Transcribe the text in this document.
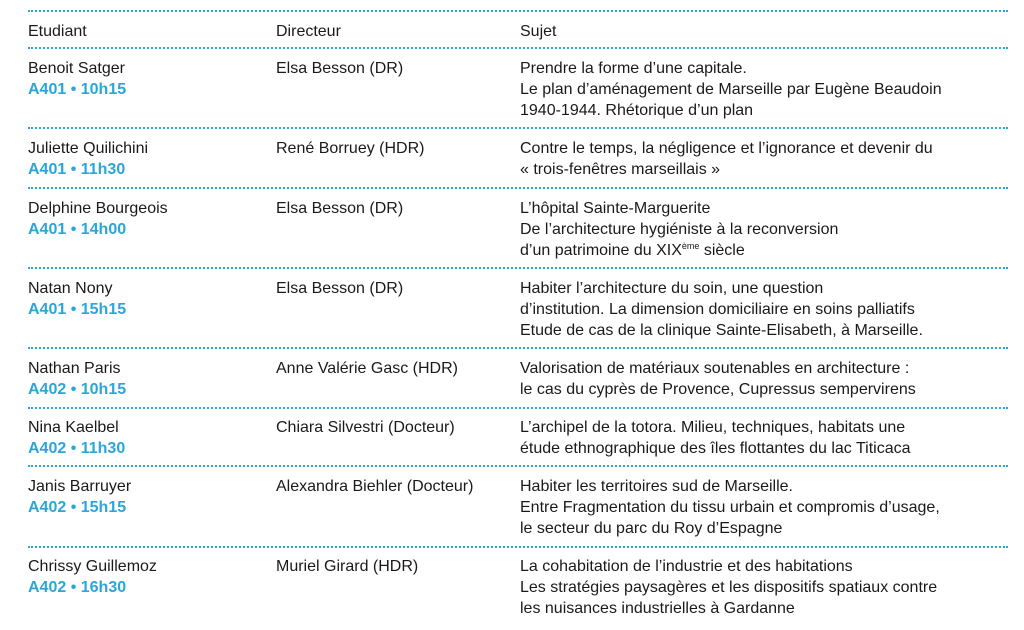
Etudiant	Directeur	Sujet
Benoit Satger
A401 • 10h15
Elsa Besson (DR)	Prendre la forme d’une capitale.
Le plan d’aménagement de Marseille par Eugène Beaudoin
1940-1944. Rhétorique d’un plan
Juliette Quilichini
A401 • 11h30
René Borruey (HDR)	Contre le temps, la négligence et l’ignorance et devenir du
« trois-fenêtres marseillais »
Delphine Bourgeois
A401 • 14h00
Elsa Besson (DR)	L’hôpital Sainte-Marguerite
De l’architecture hygiéniste à la reconversion
d’un patrimoine du XIXème siècle
Natan Nony
A401 • 15h15
Elsa Besson (DR)	Habiter l’architecture du soin, une question
d’institution. La dimension domiciliaire en soins palliatifs
Etude de cas de la clinique Sainte-Elisabeth, à Marseille.
Nathan Paris
A402 • 10h15
Anne Valérie Gasc (HDR)	Valorisation de matériaux soutenables en architecture :
le cas du cyprès de Provence, Cupressus sempervirens
Nina Kaelbel
A402 • 11h30
Chiara Silvestri (Docteur)	L’archipel de la totora. Milieu, techniques, habitats une
étude ethnographique des îles flottantes du lac Titicaca
Janis Barruyer
A402 • 15h15
Alexandra Biehler (Docteur)	Habiter les territoires sud de Marseille.
Entre Fragmentation du tissu urbain et compromis d’usage,
le secteur du parc du Roy d’Espagne
Chrissy Guillemoz
A402 • 16h30
Muriel Girard (HDR)	La cohabitation de l’industrie et des habitations
Les stratégies paysagères et les dispositifs spatiaux contre
les nuisances industrielles à Gardanne
